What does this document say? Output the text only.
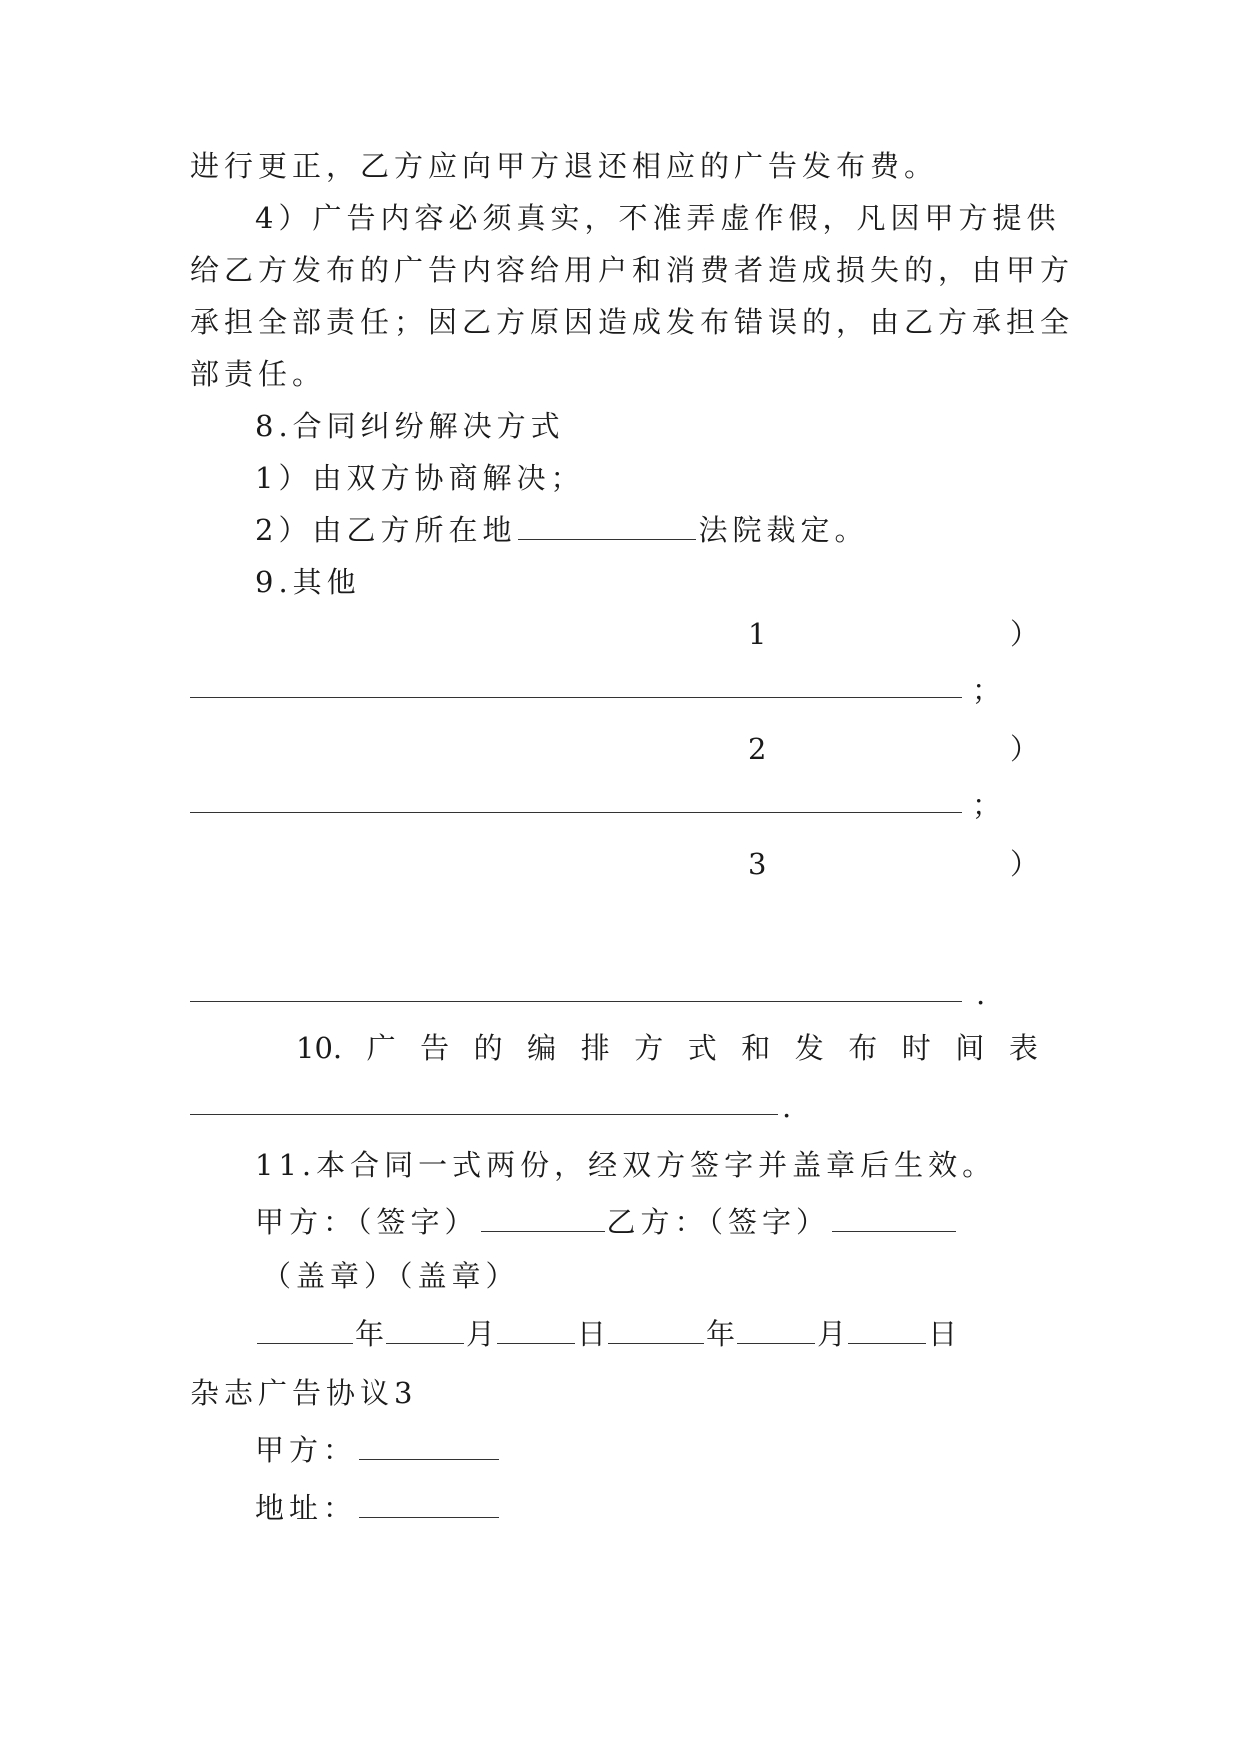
进行更正，乙方应向甲方退还相应的广告发布费。
4）广告内容必须真实，不准弄虚作假，凡因甲方提供
给乙方发布的广告内容给用户和消费者造成损失的，由甲方
承担全部责任；因乙方原因造成发布错误的，由乙方承担全
部责任。
8.合同纠纷解决方式
1）由双方协商解决；
2）由乙方所在地	法院裁定。
9.其他
1	）
；
2	）
；
3	）
.
10. 广 告 的 编 排 方 式 和 发 布 时 间 表
.
11.本合同一式两份，经双方签字并盖章后生效。
甲方：（签字）	乙方：（签字）
（盖章）（盖章）
年	月	日	年	月	日
杂志广告协议3
甲方：
地址：
